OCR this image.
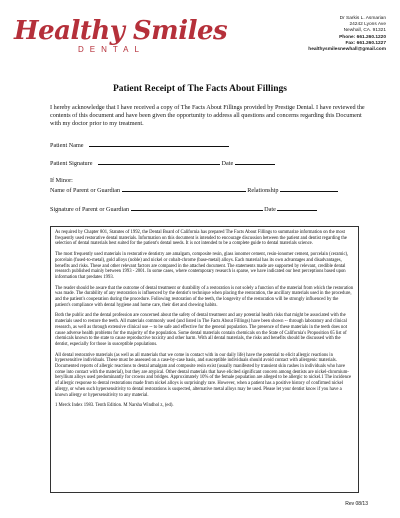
Healthy Smiles
DENTAL
Dr Sarkis L. Asmarian
24242 Lyons Ave
Newhall, CA. 91321
Phone: 661.260.1220
Fax: 661.260.1227
healthysmilesnewhall@gmail.com
Patient Receipt of The Facts About Fillings
I hereby acknowledge that I have received a copy of The Facts About Fillings provided by Prestige Dental. I have reviewed the contents of this document and have been given the opportunity to address all questions and concerns regarding this Document with my doctor prior to my treatment.
Patient Name
Patient Signature	Date
If Minor:
Name of Parent or Guardian	Relationship
Signature of Parent or Guardian	Date

As required by Chapter 801, Statutes of 1992, the Dental Board of California has prepared The Facts About Fillings to summarize information on the most frequently used restorative dental materials. Information on this document is intended to encourage discussion between the patient and dentist regarding the selection of dental materials best suited for the patient's dental needs. It is not intended to be a complete guide to dental materials science.

The most frequently used materials in restorative dentistry are amalgam, composite resin, glass ionomer cement, resin-ionomer cement, porcelain (ceramic), porcelain (fused-to-metal), gold alloys (noble) and nickel or cobalt-chrome (base-metal) alloys. Each material has its own advantages and disadvantages, benefits and risks. These and other relevant factors are compared in the attached document. The statements made are supported by relevant, credible dental research published mainly between 1993 - 2001. In some cases, where contemporary research is sparse, we have indicated our best perceptions based upon information that predates 1993.

The reader should be aware that the outcome of dental treatment or durability of a restoration is not solely a function of the material from which the restoration was made. The durability of any restoration is influenced by the dentist's technique when placing the restoration, the ancillary materials used in the procedure, and the patient's cooperation during the procedure. Following restoration of the teeth, the longevity of the restoration will be strongly influenced by the patient's compliance with dental hygiene and home care, their diet and chewing habits.

Both the public and the dental profession are concerned about the safety of dental treatment and any potential health risks that might be associated with the materials used to restore the teeth. All materials commonly used (and listed in The Facts About Fillings) have been shown -- through laboratory and clinical research, as well as through extensive clinical use -- to be safe and effective for the general population. The presence of these materials in the teeth does not cause adverse health problems for the majority of the population. Some dental materials contain chemicals on the State of California's Proposition 65 list of chemicals known to the state to cause reproductive toxicity and other harm. With all dental materials, the risks and benefits should be discussed with the dentist, especially for those in susceptible populations.

All dental restorative materials (as well as all materials that we come in contact with in our daily life) have the potential to elicit allergic reactions in hypersensitive individuals. These must be assessed on a case-by-case basis, and susceptible individuals should avoid contact with allergenic materials. Documented reports of allergic reactions to dental amalgam and composite resin exist (usually manifested by transient skin rashes in individuals who have come into contact with the material), but they are atypical. Other dental materials that have elicited significant concern among dentists are nickel-chromium-beryllium alloys used predominantly for crowns and bridges. Approximately 10% of the female population are alleged to be allergic to nickel.1 The incidence of allergic response to dental restorations made from nickel alloys is surprisingly rare. However, when a patient has a positive history of confirmed nickel allergy, or when such hypersensitivity to dental restorations is suspected, alternative metal alloys may be used. Please let your dentist know if you have a known allergy or hypersensitivity to any material.

1 Merck Index 1983. Tenth Edition. M Narsha Windhol z, (ed).

Rev 08/13
